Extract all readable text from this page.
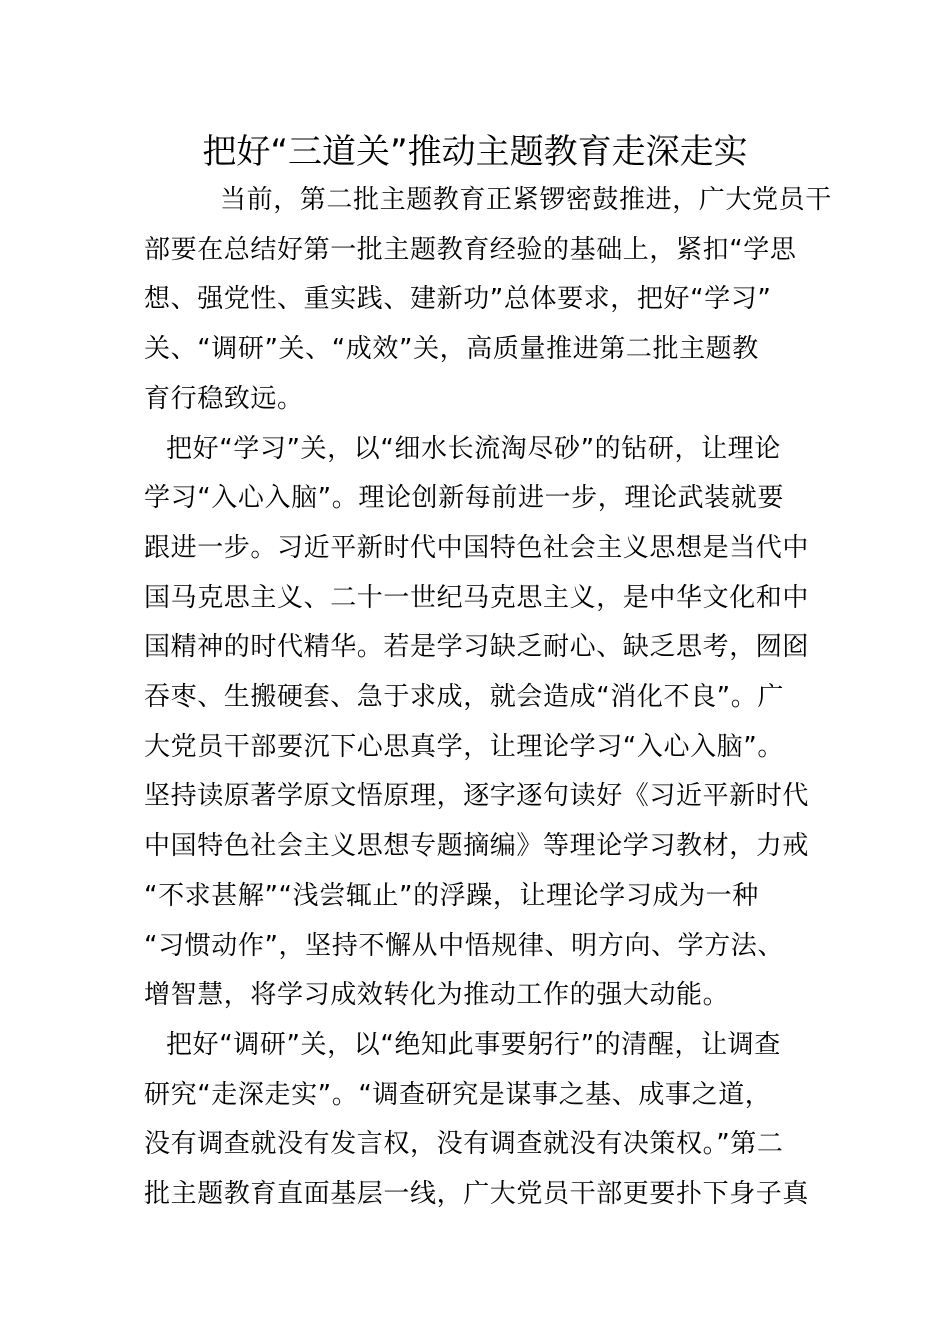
把好“三道关”推动主题教育走深走实

当前，第二批主题教育正紧锣密鼓推进，广大党员干

部要在总结好第一批主题教育经验的基础上，紧扣“学思

想、强党性、重实践、建新功”总体要求，把好“学习”

关、“调研”关、“成效”关，高质量推进第二批主题教

育行稳致远。

把好“学习”关，以“细水长流淘尽砂”的钻研，让理论

学习“入心入脑”。理论创新每前进一步，理论武装就要

跟进一步。习近平新时代中国特色社会主义思想是当代中

国马克思主义、二十一世纪马克思主义，是中华文化和中

国精神的时代精华。若是学习缺乏耐心、缺乏思考，囫囵

吞枣、生搬硬套、急于求成，就会造成“消化不良”。广

大党员干部要沉下心思真学，让理论学习“入心入脑”。

坚持读原著学原文悟原理，逐字逐句读好《习近平新时代

中国特色社会主义思想专题摘编》等理论学习教材，力戒

“不求甚解”“浅尝辄止”的浮躁，让理论学习成为一种

“习惯动作”，坚持不懈从中悟规律、明方向、学方法、

增智慧，将学习成效转化为推动工作的强大动能。

把好“调研”关，以“绝知此事要躬行”的清醒，让调查

研究“走深走实”。“调查研究是谋事之基、成事之道，

没有调查就没有发言权，没有调查就没有决策权。”第二

批主题教育直面基层一线，广大党员干部更要扑下身子真
